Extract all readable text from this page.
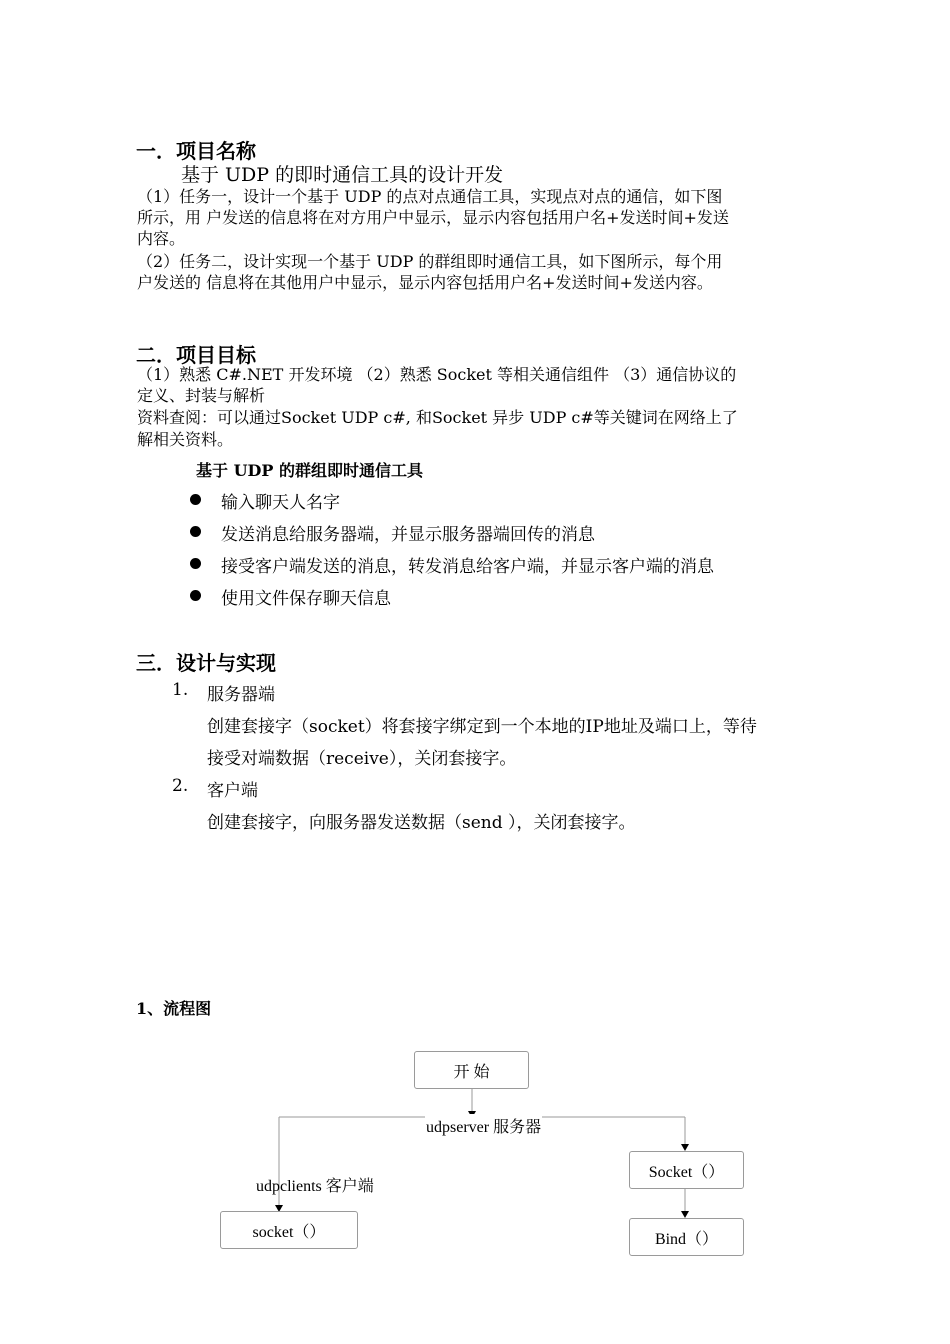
一．项目名称
基于 UDP 的即时通信工具的设计开发
（1）任务一，设计一个基于 UDP 的点对点通信工具，实现点对点的通信，如下图
所示，用 户发送的信息将在对方用户中显示，显示内容包括用户名+发送时间+发送
内容。
（2）任务二，设计实现一个基于 UDP 的群组即时通信工具，如下图所示，每个用
户发送的 信息将在其他用户中显示，显示内容包括用户名+发送时间+发送内容。
二．项目目标
（1）熟悉 C#.NET 开发环境 （2）熟悉 Socket 等相关通信组件 （3）通信协议的
定义、封装与解析
资料查阅：可以通过Socket UDP c#, 和Socket 异步 UDP c#等关键词在网络上了
解相关资料。
基于 UDP 的群组即时通信工具
输入聊天人名字
发送消息给服务器端，并显示服务器端回传的消息
接受客户端发送的消息，转发消息给客户端，并显示客户端的消息
使用文件保存聊天信息
三．设计与实现
1. 服务器端
创建套接字（socket）将套接字绑定到一个本地的IP地址及端口上，等待
接受对端数据（receive），关闭套接字。
2. 客户端
创建套接字，向服务器发送数据（send ），关闭套接字。
1、流程图
开 始
udpserver 服务器
udpclients 客户端
socket（）
Socket（）
Bind（）
